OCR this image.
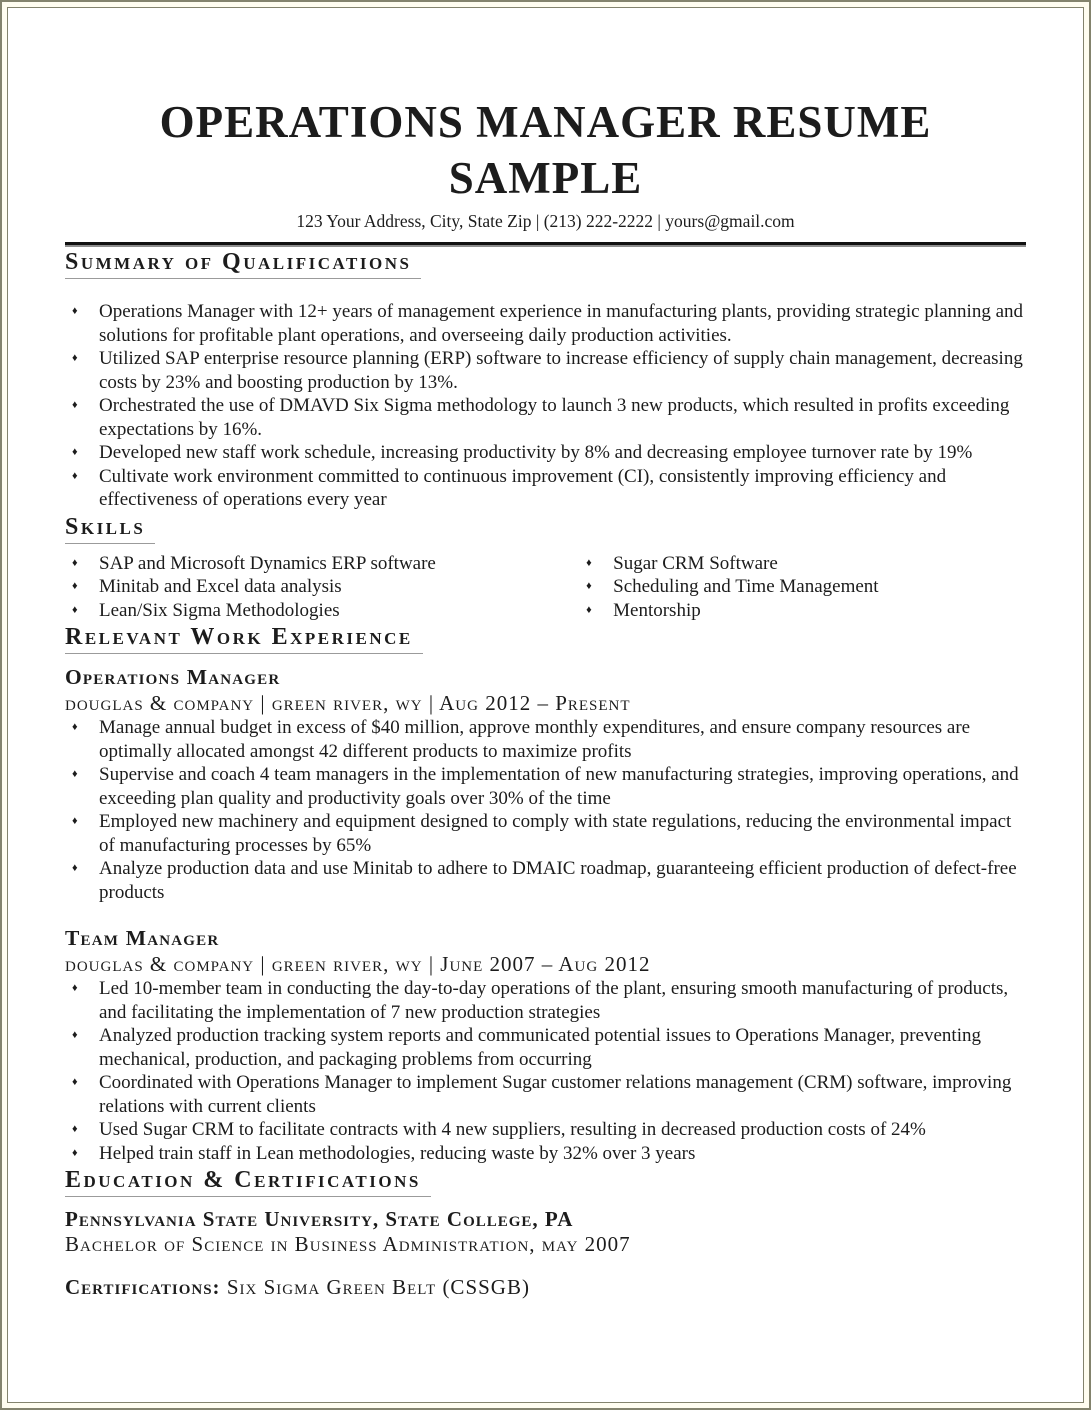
OPERATIONS MANAGER RESUME SAMPLE
123 Your Address, City, State Zip | (213) 222-2222 | yours@gmail.com
Summary of Qualifications
♦	Operations Manager with 12+ years of management experience in manufacturing plants, providing strategic planning and solutions for profitable plant operations, and overseeing daily production activities.
♦	Utilized SAP enterprise resource planning (ERP) software to increase efficiency of supply chain management, decreasing costs by 23% and boosting production by 13%.
♦	Orchestrated the use of DMAVD Six Sigma methodology to launch 3 new products, which resulted in profits exceeding expectations by 16%.
♦	Developed new staff work schedule, increasing productivity by 8% and decreasing employee turnover rate by 19%
♦	Cultivate work environment committed to continuous improvement (CI), consistently improving efficiency and effectiveness of operations every year
Skills
♦	SAP and Microsoft Dynamics ERP software
♦	Minitab and Excel data analysis
♦	Lean/Six Sigma Methodologies
♦	Sugar CRM Software
♦	Scheduling and Time Management
♦	Mentorship
Relevant Work Experience
Operations Manager
douglas & company | green river, wy | Aug 2012 – Present
♦	Manage annual budget in excess of $40 million, approve monthly expenditures, and ensure company resources are optimally allocated amongst 42 different products to maximize profits
♦	Supervise and coach 4 team managers in the implementation of new manufacturing strategies, improving operations, and exceeding plan quality and productivity goals over 30% of the time
♦	Employed new machinery and equipment designed to comply with state regulations, reducing the environmental impact of manufacturing processes by 65%
♦	Analyze production data and use Minitab to adhere to DMAIC roadmap, guaranteeing efficient production of defect-free products
Team Manager
douglas & company | green river, wy | June 2007 – Aug 2012
♦	Led 10-member team in conducting the day-to-day operations of the plant, ensuring smooth manufacturing of products, and facilitating the implementation of 7 new production strategies
♦	Analyzed production tracking system reports and communicated potential issues to Operations Manager, preventing mechanical, production, and packaging problems from occurring
♦	Coordinated with Operations Manager to implement Sugar customer relations management (CRM) software, improving relations with current clients
♦	Used Sugar CRM to facilitate contracts with 4 new suppliers, resulting in decreased production costs of 24%
♦	Helped train staff in Lean methodologies, reducing waste by 32% over 3 years
Education & Certifications
Pennsylvania State University, State College, PA
Bachelor of Science in Business Administration, may 2007
Certifications: Six Sigma Green Belt (CSSGB)
